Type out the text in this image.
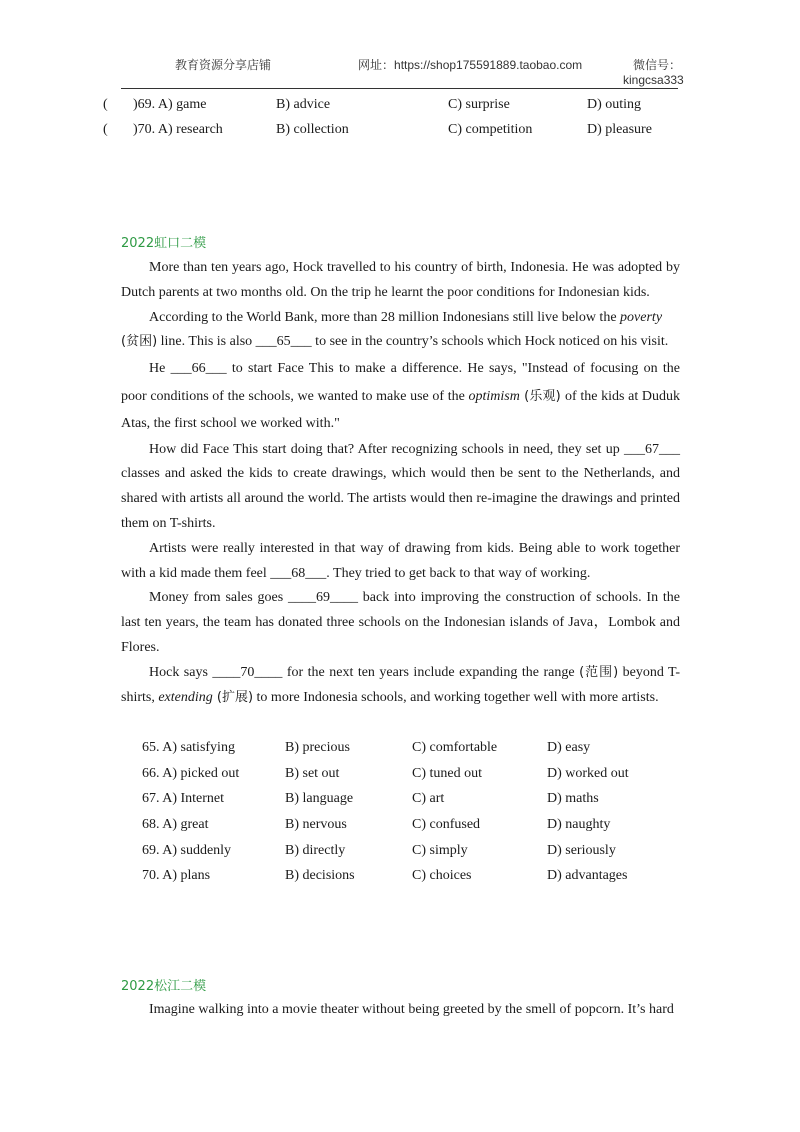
教育资源分享店铺	网址：https://shop175591889.taobao.com	微信号：
kingcsa333
( )69. A) game	B) advice	C) surprise	D) outing
( )70. A) research	B) collection	C) competition	D) pleasure
2022虹口二模

More than ten years ago, Hock travelled to his country of birth, Indonesia. He was adopted by Dutch parents at two months old. On the trip he learnt the poor conditions for Indonesian kids.

According to the World Bank, more than 28 million Indonesians still live below the poverty
(贫困) line. This is also ___65___ to see in the country’s schools which Hock noticed on his visit.

He ___66___ to start Face This to make a difference. He says, "Instead of focusing on the poor conditions of the schools, we wanted to make use of the optimism (乐观) of the kids at Duduk Atas, the first school we worked with."

How did Face This start doing that? After recognizing schools in need, they set up ___67___ classes and asked the kids to create drawings, which would then be sent to the Netherlands, and shared with artists all around the world. The artists would then re-imagine the drawings and printed them on T-shirts.

Artists were really interested in that way of drawing from kids. Being able to work together with a kid made them feel ___68___. They tried to get back to that way of working.

Money from sales goes ____69____ back into improving the construction of schools. In the last ten years, the team has donated three schools on the Indonesian islands of Java，Lombok and Flores.

Hock says ____70____ for the next ten years include expanding the range (范围) beyond T-shirts, extending (扩展) to more Indonesia schools, and working together well with more artists.

65. A) satisfying	B) precious	C) comfortable	D) easy
66. A) picked out	B) set out	C) tuned out	D) worked out
67. A) Internet	B) language	C) art	D) maths
68. A) great	B) nervous	C) confused	D) naughty
69. A) suddenly	B) directly	C) simply	D) seriously
70. A) plans	B) decisions	C) choices	D) advantages
2022松江二模

Imagine walking into a movie theater without being greeted by the smell of popcorn. It’s hard
